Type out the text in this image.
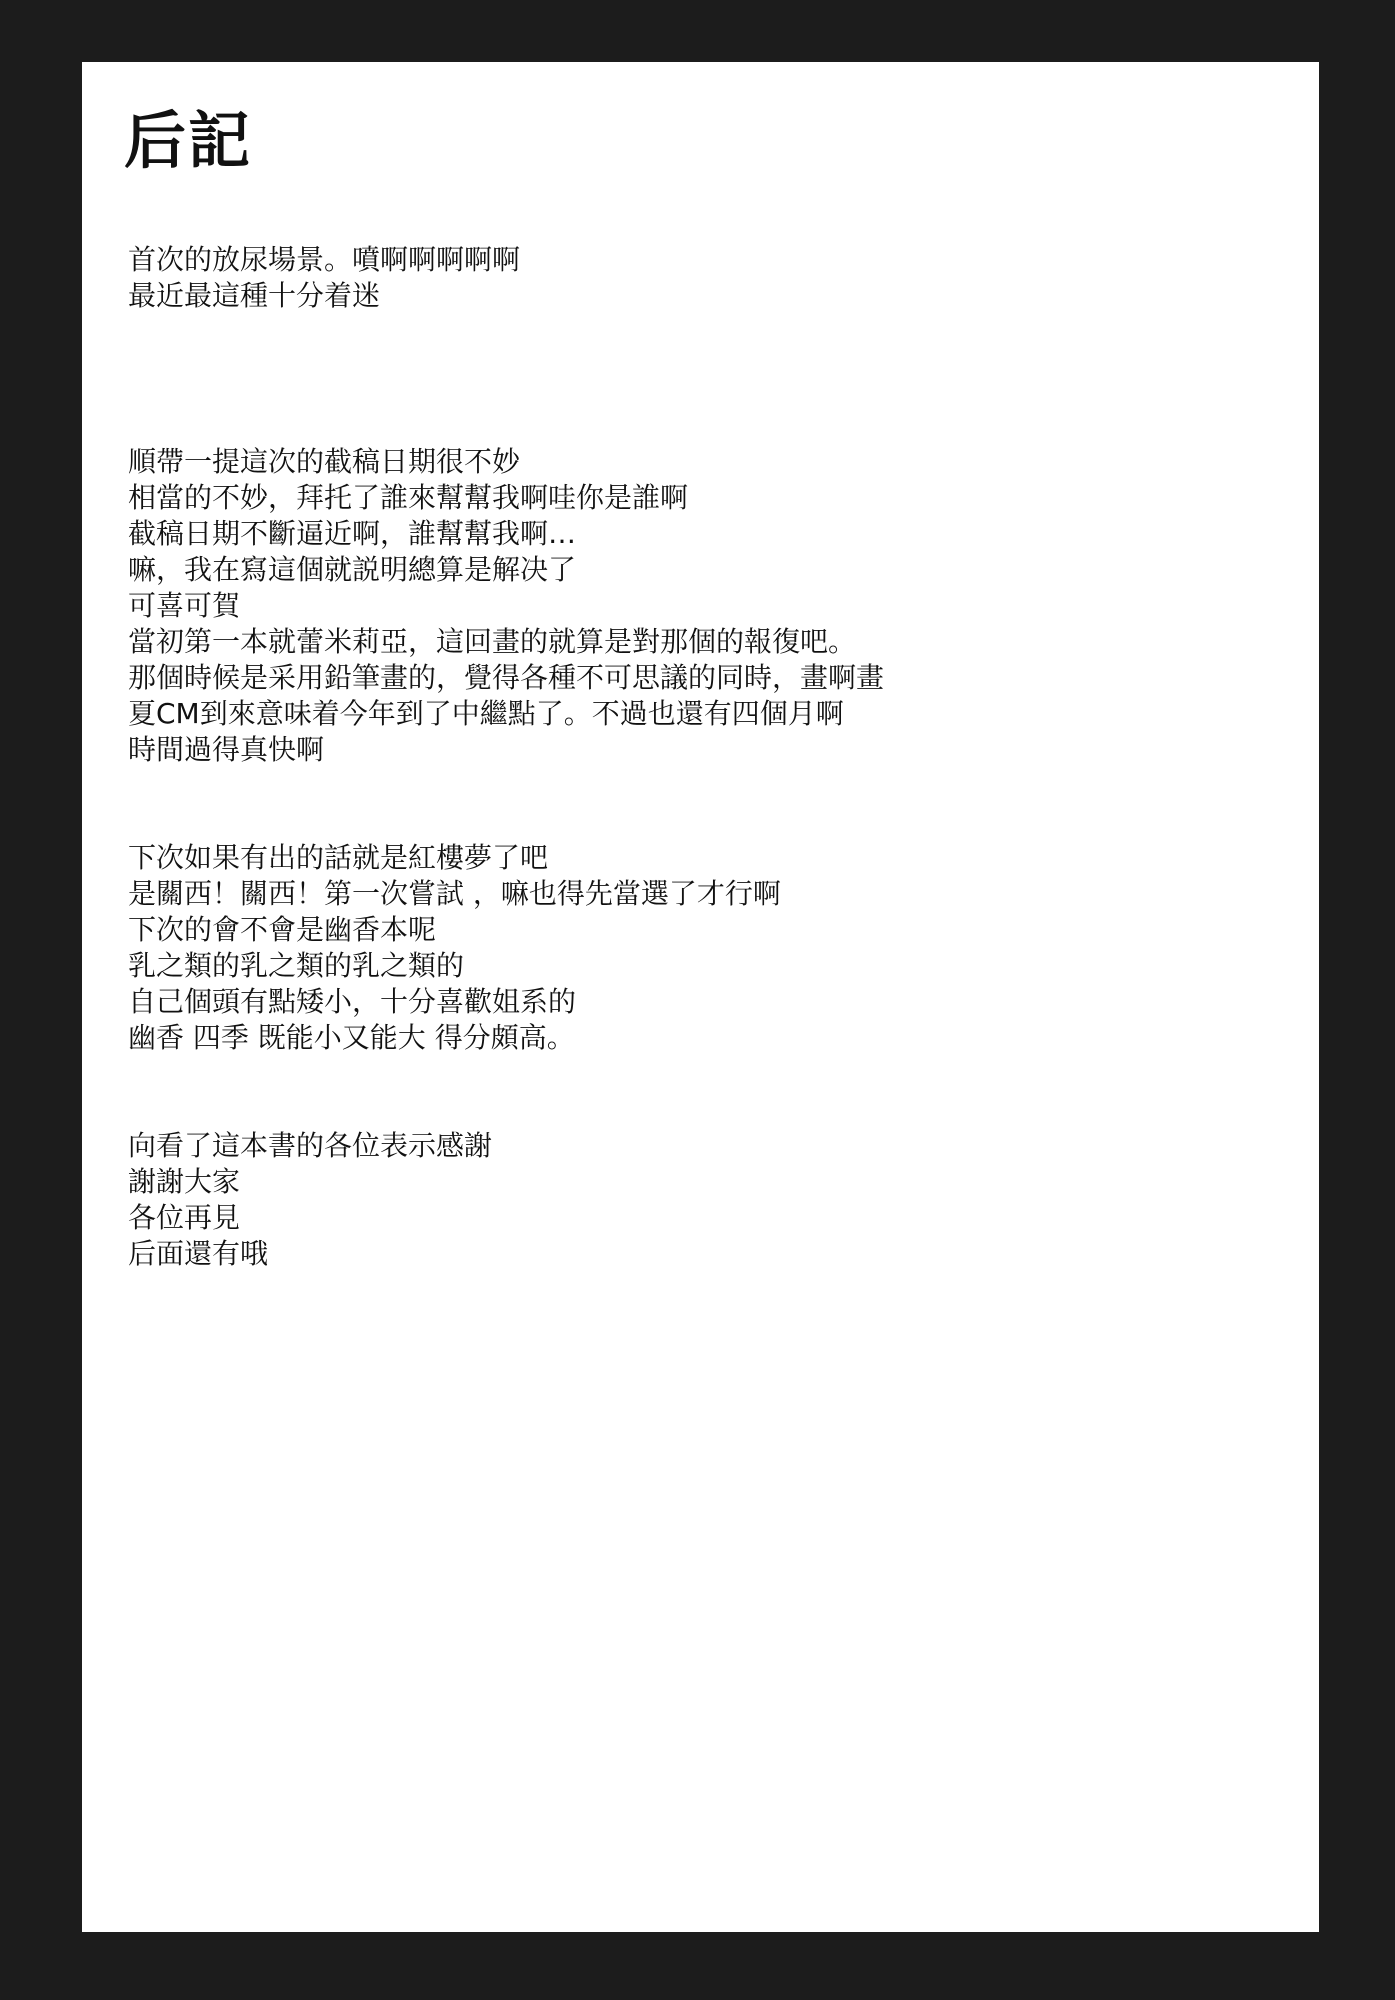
后記
首次的放尿場景。噴啊啊啊啊啊
最近最這種十分着迷
順帶一提這次的截稿日期很不妙
相當的不妙，拜托了誰來幫幫我啊哇你是誰啊
截稿日期不斷逼近啊，誰幫幫我啊…
嘛，我在寫這個就説明總算是解决了
可喜可賀
當初第一本就蕾米莉亞，這回畫的就算是對那個的報復吧。
那個時候是采用鉛筆畫的，覺得各種不可思議的同時，畫啊畫
夏CM到來意味着今年到了中繼點了。不過也還有四個月啊
時間過得真快啊
下次如果有出的話就是紅樓夢了吧
是關西！關西！第一次嘗試 ，嘛也得先當選了才行啊
下次的會不會是幽香本呢
乳之類的乳之類的乳之類的
自己個頭有點矮小，十分喜歡姐系的
幽香 四季 既能小又能大 得分頗高。
向看了這本書的各位表示感謝
謝謝大家
各位再見
后面還有哦
